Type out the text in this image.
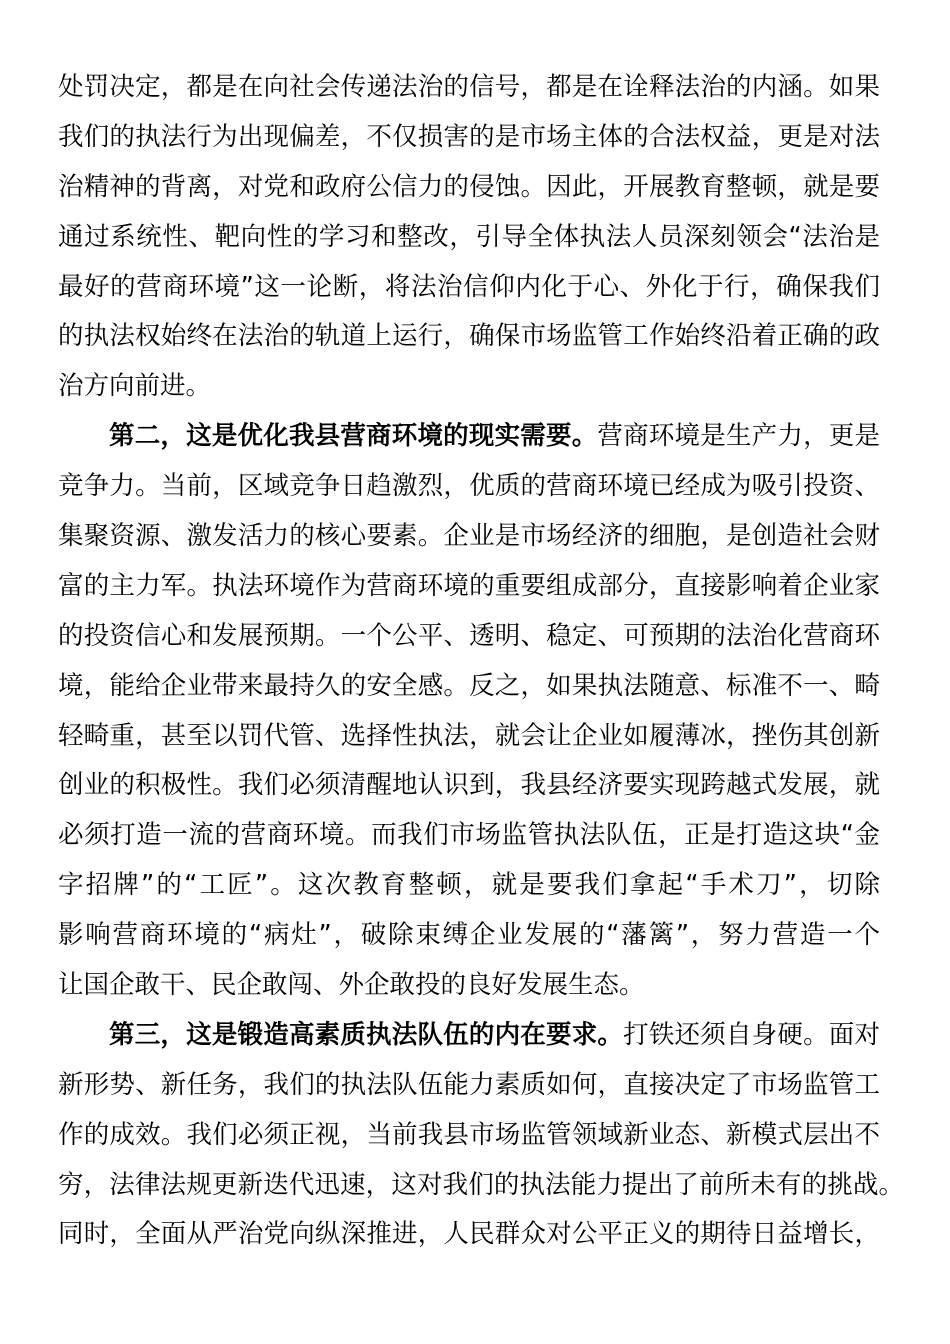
处罚决定，都是在向社会传递法治的信号，都是在诠释法治的内涵。如果
我们的执法行为出现偏差，不仅损害的是市场主体的合法权益，更是对法
治精神的背离，对党和政府公信力的侵蚀。因此，开展教育整顿，就是要
通过系统性、靶向性的学习和整改，引导全体执法人员深刻领会“法治是
最好的营商环境”这一论断，将法治信仰内化于心、外化于行，确保我们
的执法权始终在法治的轨道上运行，确保市场监管工作始终沿着正确的政
治方向前进。
第二，这是优化我县营商环境的现实需要。营商环境是生产力，更是
竞争力。当前，区域竞争日趋激烈，优质的营商环境已经成为吸引投资、
集聚资源、激发活力的核心要素。企业是市场经济的细胞，是创造社会财
富的主力军。执法环境作为营商环境的重要组成部分，直接影响着企业家
的投资信心和发展预期。一个公平、透明、稳定、可预期的法治化营商环
境，能给企业带来最持久的安全感。反之，如果执法随意、标准不一、畸
轻畸重，甚至以罚代管、选择性执法，就会让企业如履薄冰，挫伤其创新
创业的积极性。我们必须清醒地认识到，我县经济要实现跨越式发展，就
必须打造一流的营商环境。而我们市场监管执法队伍，正是打造这块“金
字招牌”的“工匠”。这次教育整顿，就是要我们拿起“手术刀”，切除
影响营商环境的“病灶”，破除束缚企业发展的“藩篱”，努力营造一个
让国企敢干、民企敢闯、外企敢投的良好发展生态。
第三，这是锻造高素质执法队伍的内在要求。打铁还须自身硬。面对
新形势、新任务，我们的执法队伍能力素质如何，直接决定了市场监管工
作的成效。我们必须正视，当前我县市场监管领域新业态、新模式层出不
穷，法律法规更新迭代迅速，这对我们的执法能力提出了前所未有的挑战。
同时，全面从严治党向纵深推进，人民群众对公平正义的期待日益增长，
